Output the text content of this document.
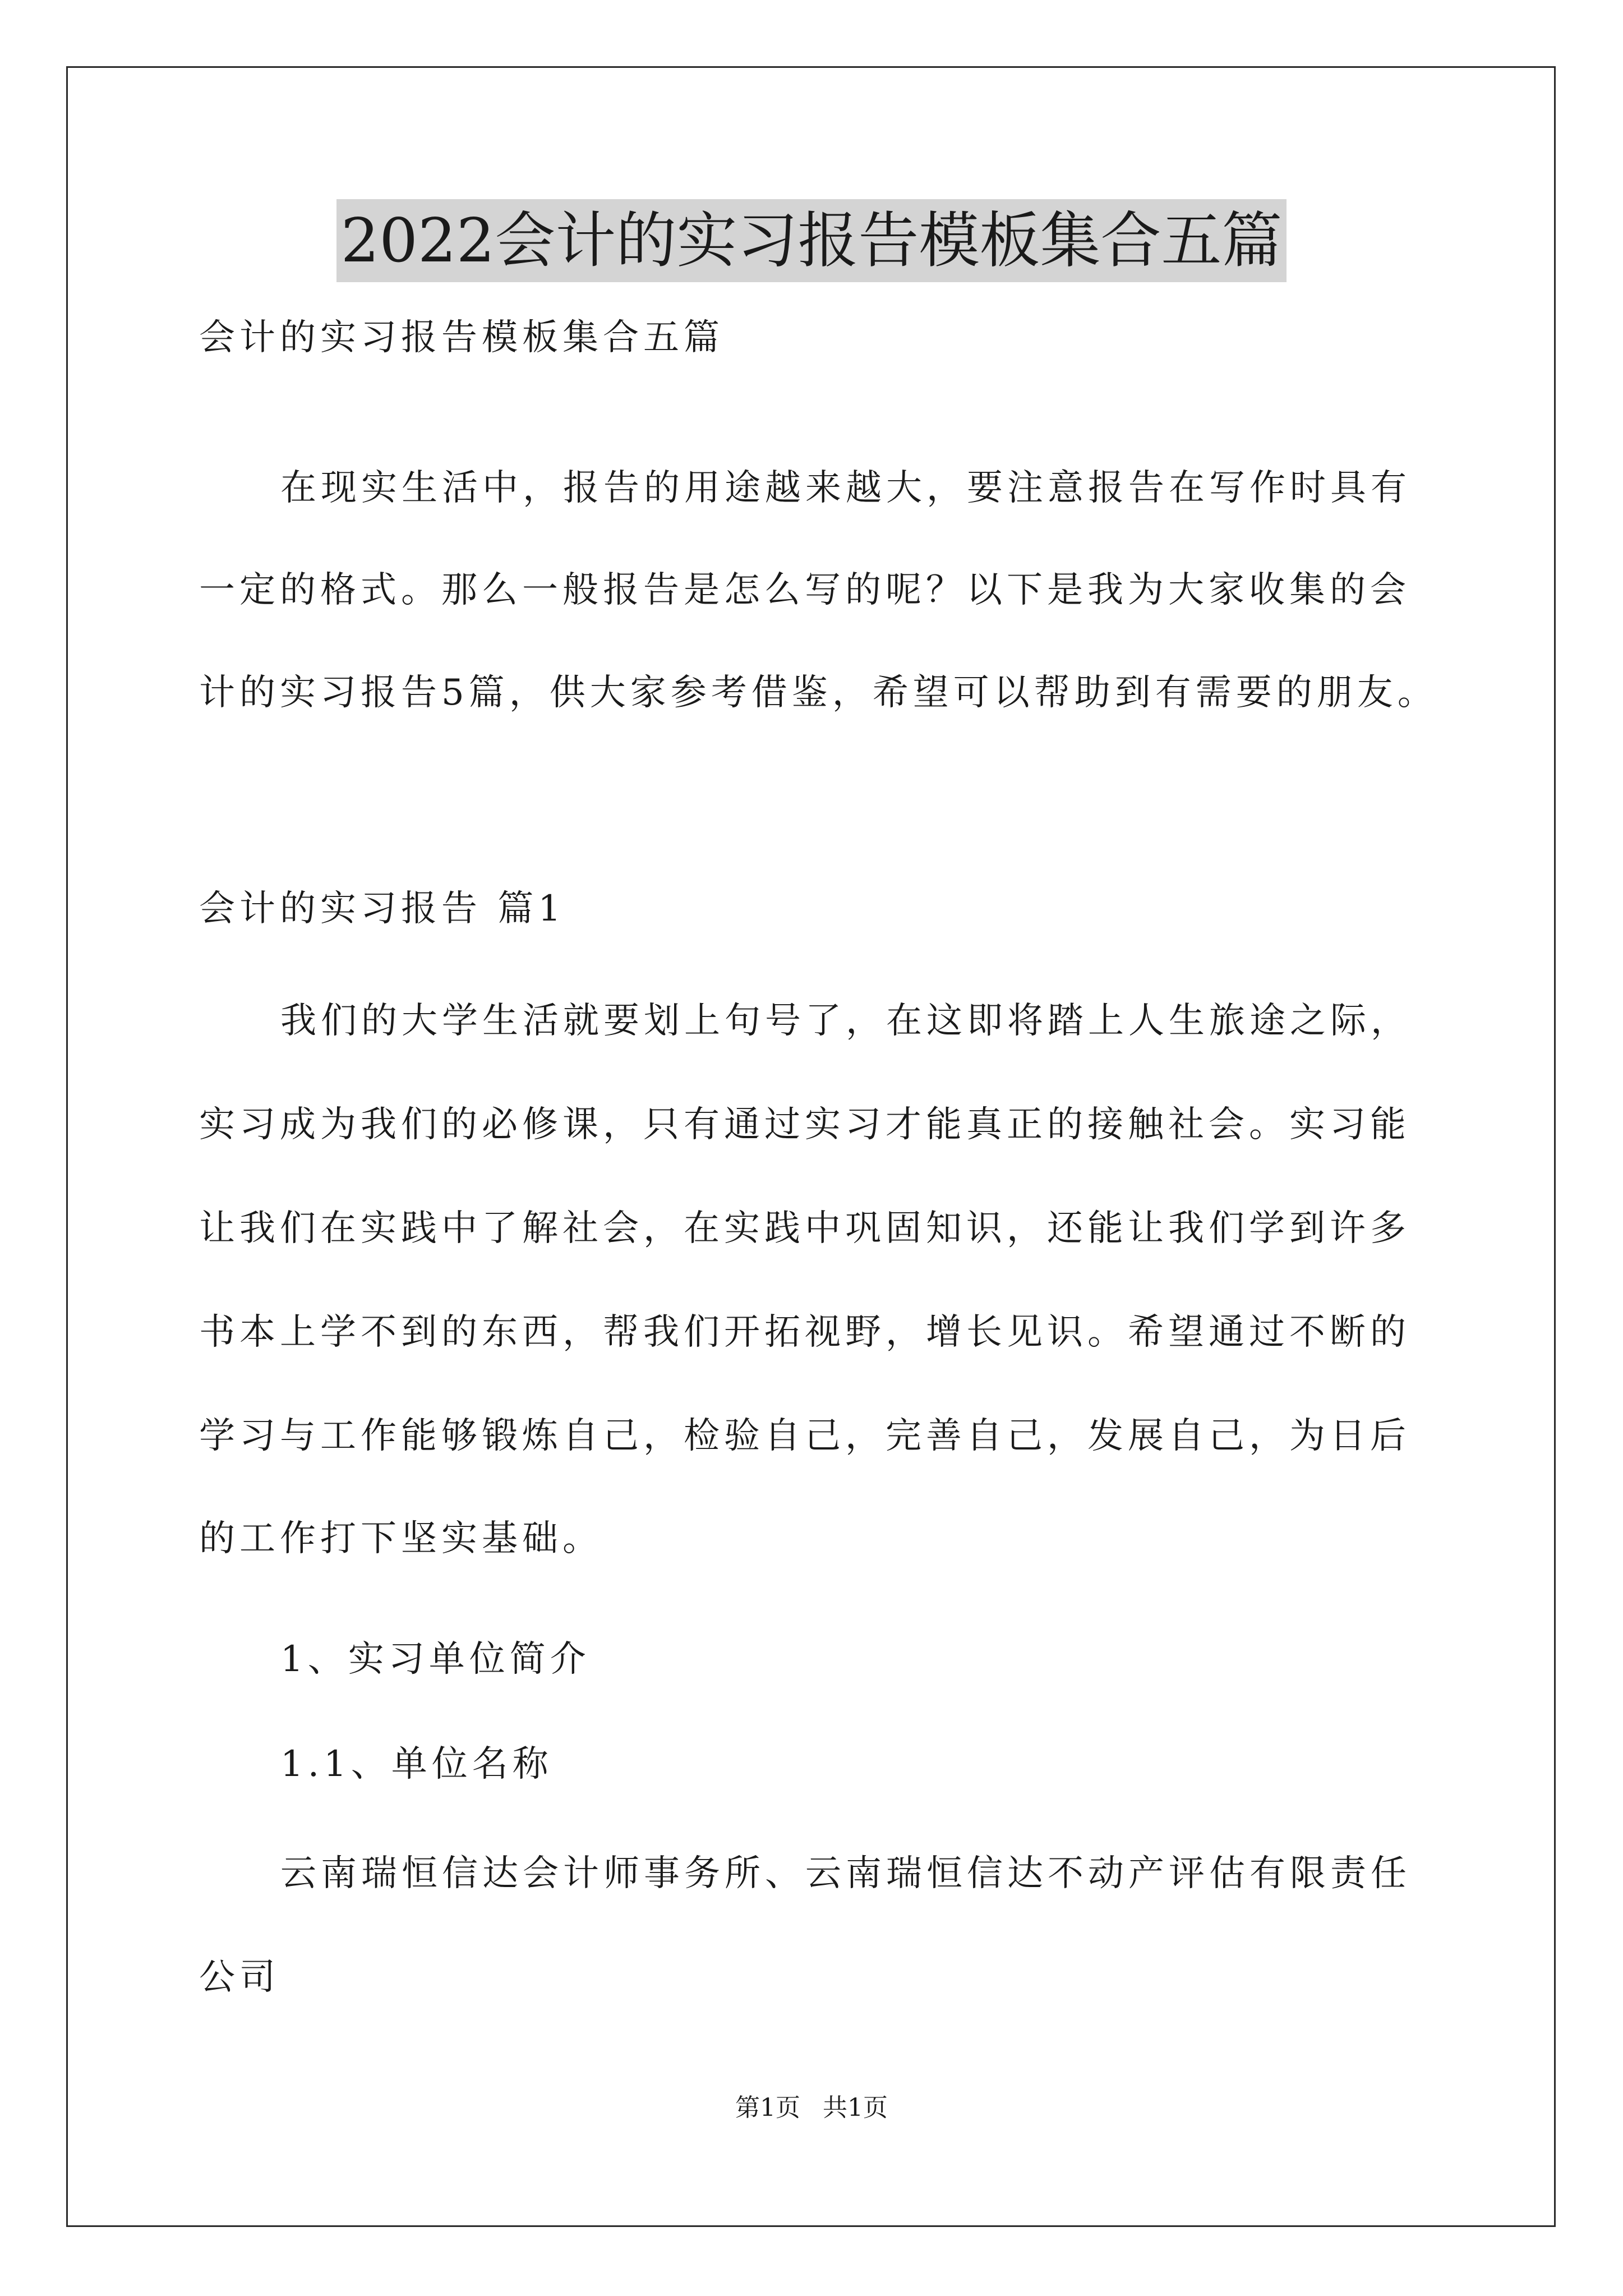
2022会计的实习报告模板集合五篇
会计的实习报告模板集合五篇
在现实生活中，报告的用途越来越大，要注意报告在写作时具有
一定的格式。那么一般报告是怎么写的呢？以下是我为大家收集的会
计的实习报告5篇，供大家参考借鉴，希望可以帮助到有需要的朋友。
会计的实习报告 篇1
我们的大学生活就要划上句号了，在这即将踏上人生旅途之际，
实习成为我们的必修课，只有通过实习才能真正的接触社会。实习能
让我们在实践中了解社会，在实践中巩固知识，还能让我们学到许多
书本上学不到的东西，帮我们开拓视野，增长见识。希望通过不断的
学习与工作能够锻炼自己，检验自己，完善自己，发展自己，为日后
的工作打下坚实基础。
1、实习单位简介
1.1、单位名称
云南瑞恒信达会计师事务所、云南瑞恒信达不动产评估有限责任
公司
第1页 共1页
